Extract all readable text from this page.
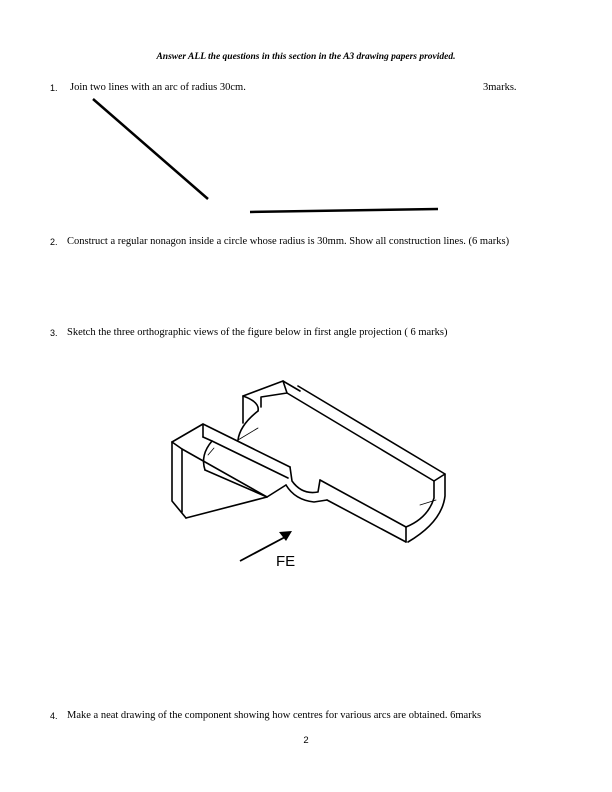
Answer ALL the questions in this section in the A3 drawing papers provided.
1. Join two lines with an arc of radius 30cm.	3marks.
2. Construct a regular nonagon inside a circle whose radius is 30mm. Show all construction lines. (6 marks)
3. Sketch the three orthographic views of the figure below in first angle projection ( 6 marks)
FE
4. Make a neat drawing of the component showing how centres for various arcs are obtained. 6marks
2
